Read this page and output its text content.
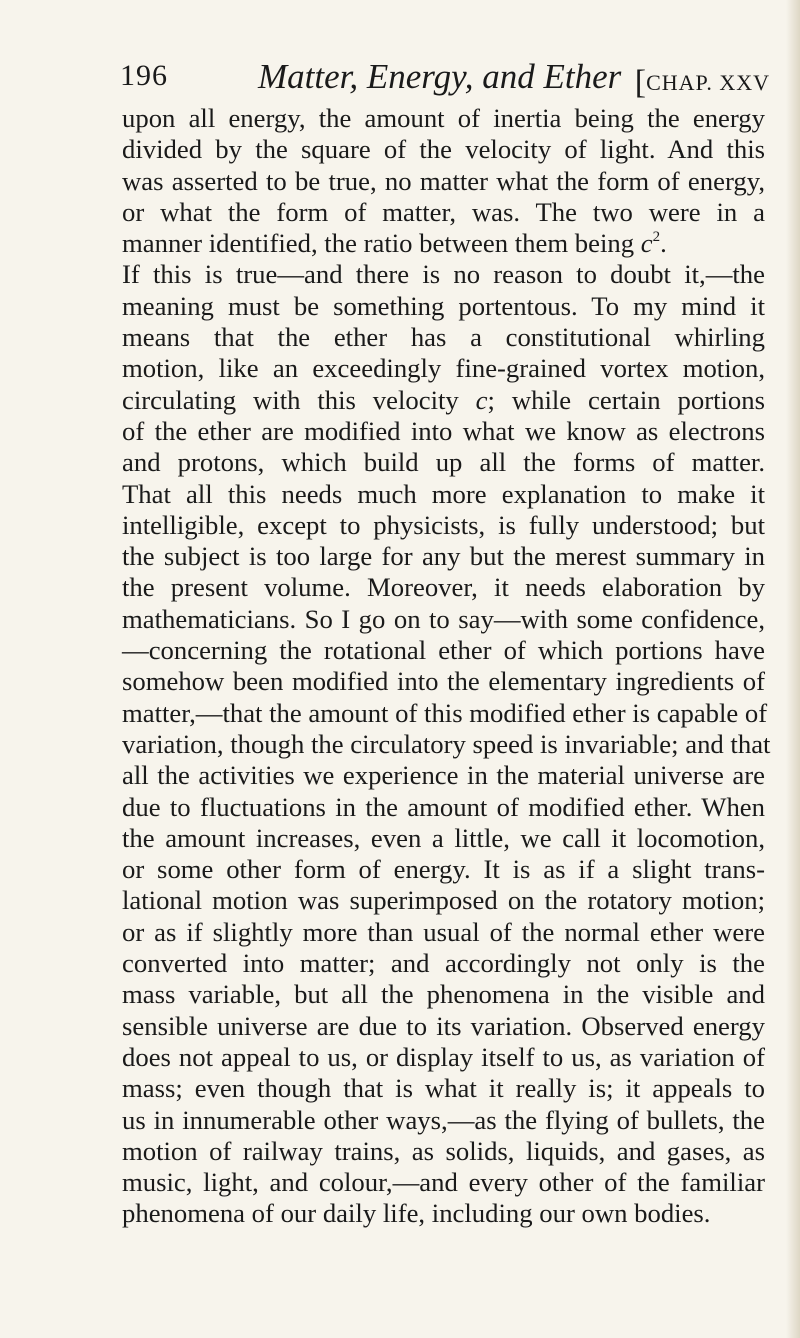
196	Matter, Energy, and Ether [CHAP. XXV
upon all energy, the amount of inertia being the energy
divided by the square of the velocity of light. And this
was asserted to be true, no matter what the form of energy,
or what the form of matter, was. The two were in a
manner identified, the ratio between them being $c^2$.
If this is true—and there is no reason to doubt it,—the
meaning must be something portentous. To my mind it
means that the ether has a constitutional whirling
motion, like an exceedingly fine-grained vortex motion,
circulating with this velocity c; while certain portions
of the ether are modified into what we know as electrons
and protons, which build up all the forms of matter.
That all this needs much more explanation to make it
intelligible, except to physicists, is fully understood; but
the subject is too large for any but the merest summary in
the present volume. Moreover, it needs elaboration by
mathematicians. So I go on to say—with some confidence,
—concerning the rotational ether of which portions have
somehow been modified into the elementary ingredients of
matter,—that the amount of this modified ether is capable of
variation, though the circulatory speed is invariable; and that
all the activities we experience in the material universe are
due to fluctuations in the amount of modified ether. When
the amount increases, even a little, we call it locomotion,
or some other form of energy. It is as if a slight trans-
lational motion was superimposed on the rotatory motion;
or as if slightly more than usual of the normal ether were
converted into matter; and accordingly not only is the
mass variable, but all the phenomena in the visible and
sensible universe are due to its variation. Observed energy
does not appeal to us, or display itself to us, as variation of
mass; even though that is what it really is; it appeals to
us in innumerable other ways,—as the flying of bullets, the
motion of railway trains, as solids, liquids, and gases, as
music, light, and colour,—and every other of the familiar
phenomena of our daily life, including our own bodies.
